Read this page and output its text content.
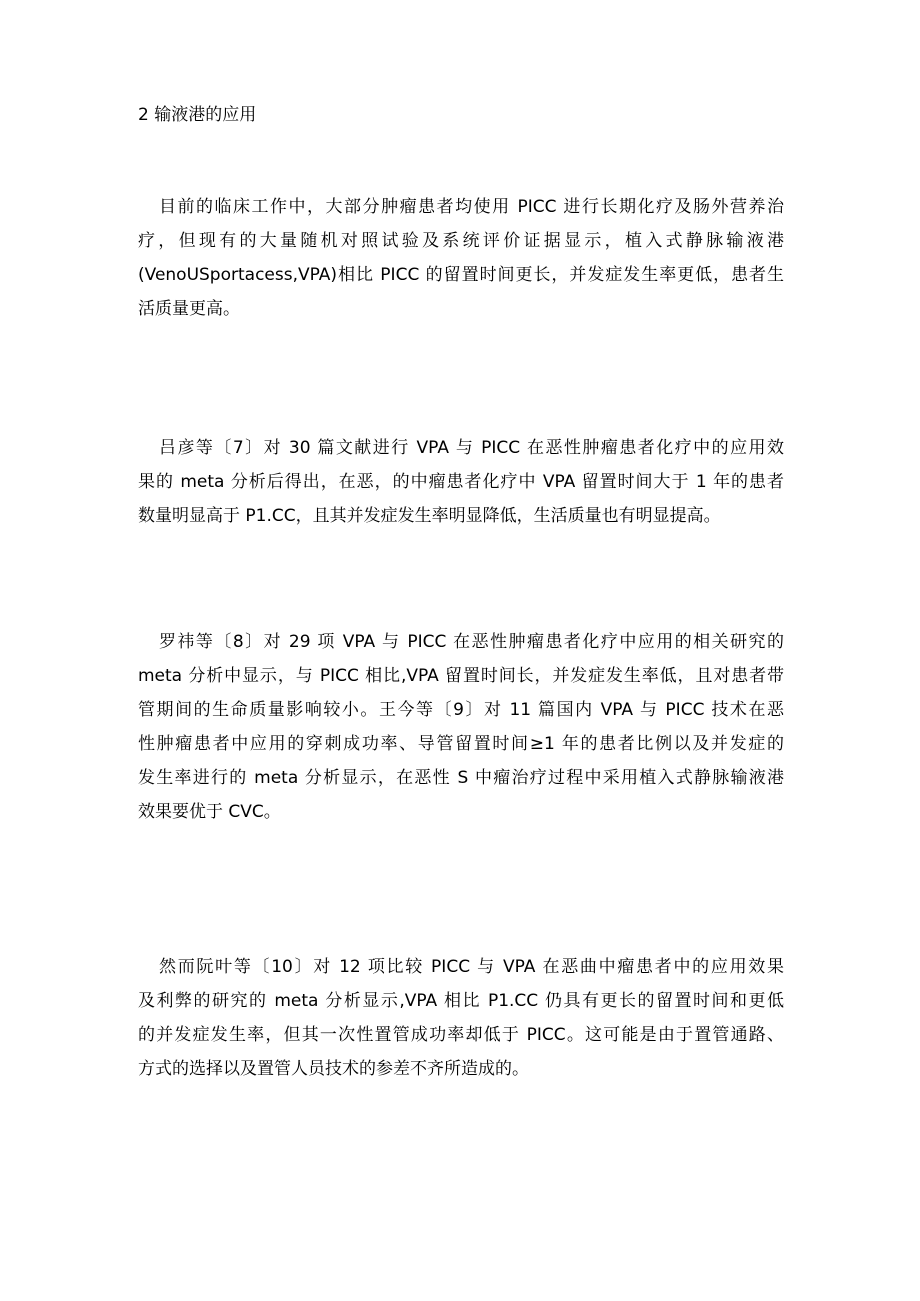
2 输液港的应用
目前的临床工作中，大部分肿瘤患者均使用 PICC 进行长期化疗及肠外营养治
疗，但现有的大量随机对照试验及系统评价证据显示，植入式静脉输液港
(VenoUSportacess,VPA)相比 PICC 的留置时间更长，并发症发生率更低，患者生
活质量更高。
吕彦等〔7〕对 30 篇文献进行 VPA 与 PICC 在恶性肿瘤患者化疗中的应用效
果的 meta 分析后得出，在恶，的中瘤患者化疗中 VPA 留置时间大于 1 年的患者
数量明显高于 P1.CC，且其并发症发生率明显降低，生活质量也有明显提高。
罗祎等〔8〕对 29 项 VPA 与 PICC 在恶性肿瘤患者化疗中应用的相关研究的
meta 分析中显示，与 PICC 相比,VPA 留置时间长，并发症发生率低，且对患者带
管期间的生命质量影响较小。王今等〔9〕对 11 篇国内 VPA 与 PICC 技术在恶
性肿瘤患者中应用的穿刺成功率、导管留置时间≥1 年的患者比例以及并发症的
发生率进行的 meta 分析显示，在恶性 S 中瘤治疗过程中采用植入式静脉输液港
效果要优于 CVC。
然而阮叶等〔10〕对 12 项比较 PICC 与 VPA 在恶曲中瘤患者中的应用效果
及利弊的研究的 meta 分析显示,VPA 相比 P1.CC 仍具有更长的留置时间和更低
的并发症发生率，但其一次性置管成功率却低于 PICC。这可能是由于置管通路、
方式的选择以及置管人员技术的参差不齐所造成的。
